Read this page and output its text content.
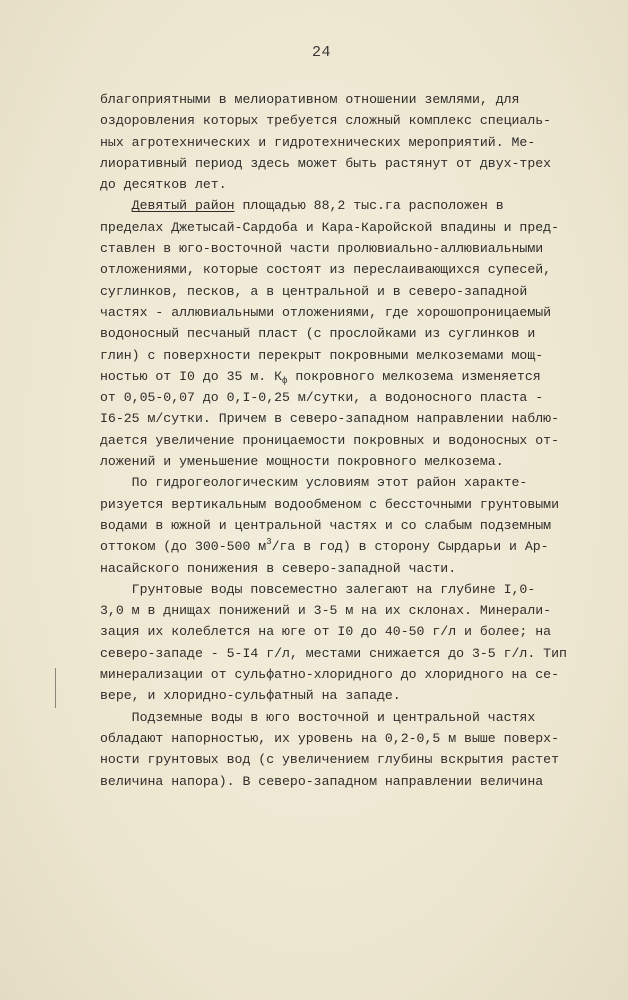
24
благоприятными в мелиоративном отношении землями, для
оздоровления которых требуется сложный комплекс специаль-
ных агротехнических и гидротехнических мероприятий. Ме-
лиоративный период здесь может быть растянут от двух-трех
до десятков лет.
Девятый район площадью 88,2 тыс.га расположен в
пределах Джетысай-Сардоба и Кара-Каройской впадины и пред-
ставлен в юго-восточной части пролювиально-аллювиальными
отложениями, которые состоят из переслаивающихся супесей,
суглинков, песков, а в центральной и в северо-западной
частях - аллювиальными отложениями, где хорошопроницаемый
водоносный песчаный пласт (с прослойками из суглинков и
глин) с поверхности перекрыт покровными мелкоземами мощ-
ностью от I0 до 35 м. $К_ф$ покровного мелкозема изменяется
от 0,05-0,07 до 0,I-0,25 м/сутки, а водоносного пласта -
I6-25 м/сутки. Причем в северо-западном направлении наблю-
дается увеличение проницаемости покровных и водоносных от-
ложений и уменьшение мощности покровного мелкозема.
По гидрогеологическим условиям этот район характе-
ризуется вертикальным водообменом с бессточными грунтовыми
водами в южной и центральной частях и со слабым подземным
оттоком (до 300-500 $м^3/га$ в год) в сторону Сырдарьи и Ар-
насайского понижения в северо-западной части.
Грунтовые воды повсеместно залегают на глубине I,0-
3,0 м в днищах понижений и 3-5 м на их склонах. Минерали-
зация их колеблется на юге от I0 до 40-50 г/л и более; на
северо-западе - 5-I4 г/л, местами снижается до 3-5 г/л. Тип
минерализации от сульфатно-хлоридного до хлоридного на се-
вере, и хлоридно-сульфатный на западе.
Подземные воды в юго восточной и центральной частях
обладают напорностью, их уровень на 0,2-0,5 м выше поверх-
ности грунтовых вод (с увеличением глубины вскрытия растет
величина напора). В северо-западном направлении величина
